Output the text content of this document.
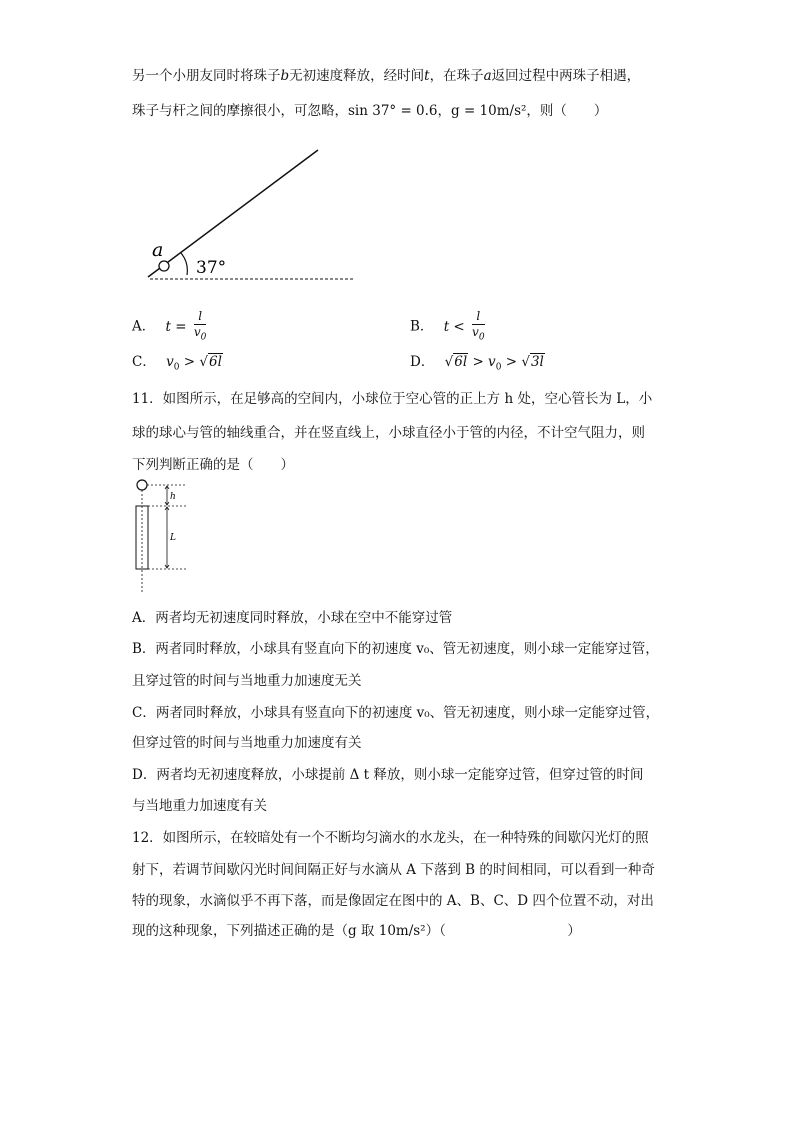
另一个小朋友同时将珠子b无初速度释放，经时间t，在珠子a返回过程中两珠子相遇，
珠子与杆之间的摩擦很小，可忽略，sin 37° = 0.6，g = 10m/s²，则（　　）
a
37°
A． $t = \frac{l}{v_0}$	B． $t < \frac{l}{v_0}$
C． $v_0 > √6l$	D． $√6l > v_0 > √3l$
11．如图所示，在足够高的空间内，小球位于空心管的正上方 h 处，空心管长为 L，小
球的球心与管的轴线重合，并在竖直线上，小球直径小于管的内径，不计空气阻力，则
下列判断正确的是（　　）
h
L
A．两者均无初速度同时释放，小球在空中不能穿过管
B．两者同时释放，小球具有竖直向下的初速度 v₀、管无初速度，则小球一定能穿过管，
且穿过管的时间与当地重力加速度无关
C．两者同时释放，小球具有竖直向下的初速度 v₀、管无初速度，则小球一定能穿过管，
但穿过管的时间与当地重力加速度有关
D．两者均无初速度释放，小球提前 Δ t 释放，则小球一定能穿过管，但穿过管的时间
与当地重力加速度有关
12．如图所示，在较暗处有一个不断均匀滴水的水龙头，在一种特殊的间歇闪光灯的照
射下，若调节间歇闪光时间间隔正好与水滴从 A 下落到 B 的时间相同，可以看到一种奇
特的现象，水滴似乎不再下落，而是像固定在图中的 A、B、C、D 四个位置不动，对出
现的这种现象，下列描述正确的是（g 取 10m/s²）（　　　　　　　　　）
